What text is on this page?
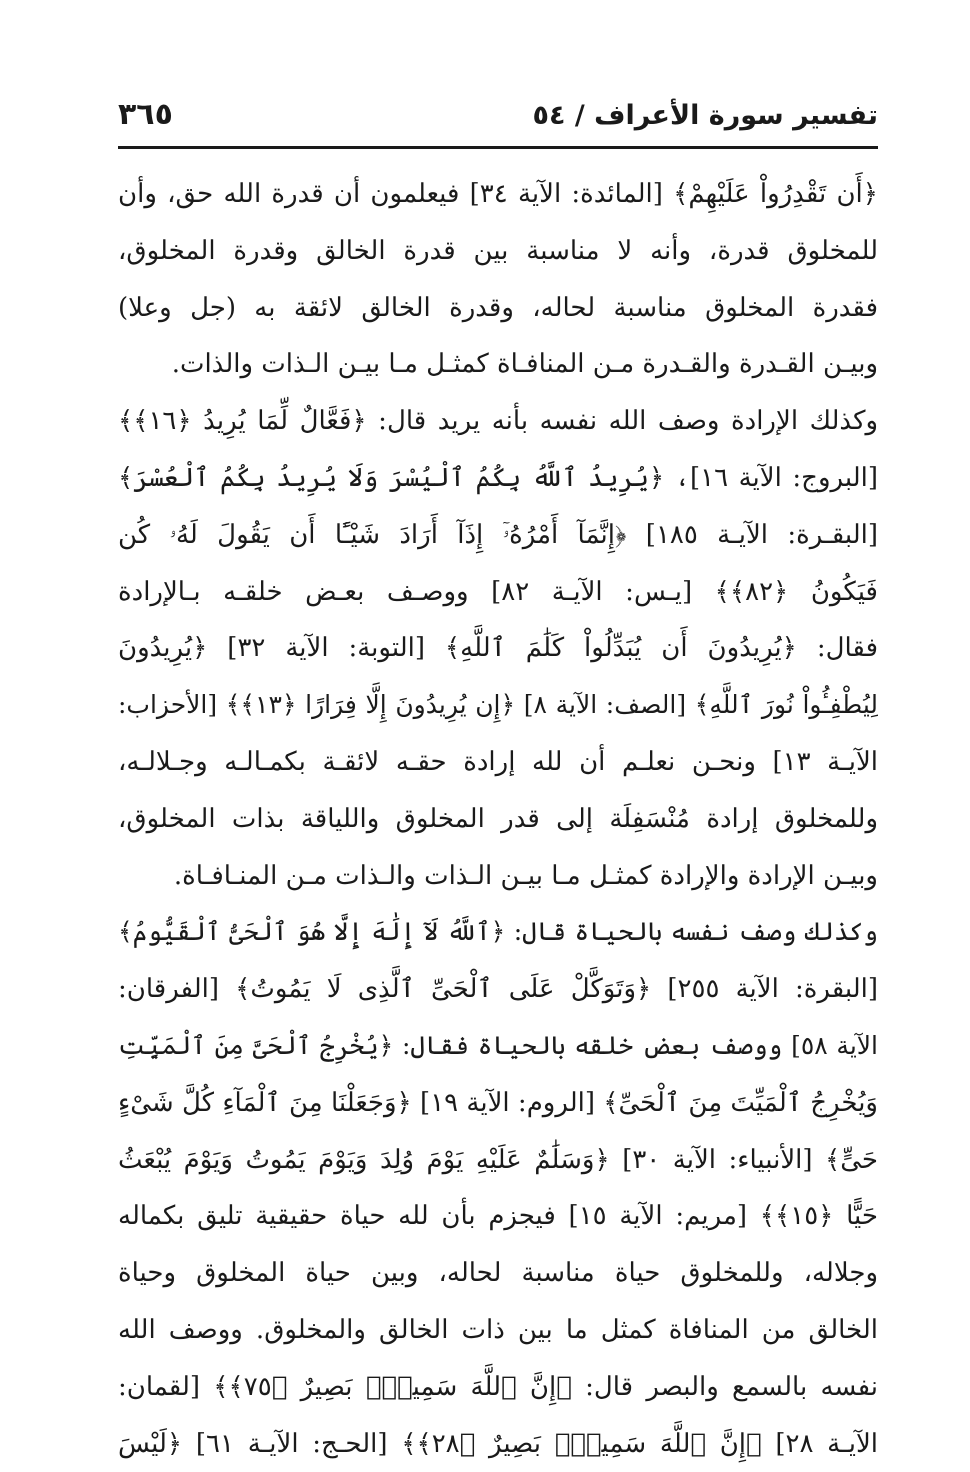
تفسير سورة الأعراف / ٥٤
٣٦٥
﴿أَن تَقْدِرُواْ عَلَيْهِمْ﴾ [المائدة: الآية ٣٤] فيعلمون أن قدرة الله حق، وأن
للمخلوق قدرة، وأنه لا مناسبة بين قدرة الخالق وقدرة المخلوق،
فقدرة المخلوق مناسبة لحاله، وقدرة الخالق لائقة به (جل وعلا)
وبيـن القـدرة والقـدرة مـن المنافـاة كمثـل مـا بيـن الـذات والذات.
وكذلك الإرادة وصف الله نفسه بأنه يريد قال: ﴿فَعَّالٌ لِّمَا يُرِيدُ ﴿١٦﴾﴾
[البروج: الآية ١٦]، ﴿يُرِيدُ ٱللَّهُ بِكُمُ ٱلْيُسْرَ وَلَا يُرِيدُ بِكُمُ ٱلْعُسْرَ﴾
[البقـرة: الآيـة ١٨٥] ﴿إِنَّمَآ أَمْرُهُۥٓ إِذَآ أَرَادَ شَيْـًٔا أَن يَقُولَ لَهُۥ كُن
فَيَكُونُ ﴿٨٢﴾﴾ [يـس: الآيـة ٨٢] ووصـف بعـض خلقـه بـالإرادة
فقال: ﴿يُرِيدُونَ أَن يُبَدِّلُواْ كَلَٰمَ ٱللَّهِ﴾ [التوبة: الآية ٣٢] ﴿يُرِيدُونَ
لِيُطْفِـُٔواْ نُورَ ٱللَّهِ﴾ [الصف: الآية ٨] ﴿إِن يُرِيدُونَ إِلَّا فِرَارًا ﴿١٣﴾﴾ [الأحزاب:
الآيـة ١٣] ونحـن نعلـم أن لله إرادة حقـه لائقـة بكمـالـه وجـلالـه،
وللمخلوق إرادة مُنْسَفِلَة إلى قدر المخلوق واللياقة بذات المخلوق،
وبيـن الإرادة والإرادة كمثـل مـا بيـن الـذات والـذات مـن المنـافـاة.
وكذلك وصف نفسه بالحياة قال: ﴿ٱللَّهُ لَآ إِلَٰهَ إِلَّا هُوَ ٱلْحَىُّ ٱلْقَيُّومُ﴾
[البقرة: الآية ٢٥٥] ﴿وَتَوَكَّلْ عَلَى ٱلْحَىِّ ٱلَّذِى لَا يَمُوتُ﴾ [الفرقان:
الآية ٥٨] ووصف بعض خلقه بالحياة فقال: ﴿يُخْرِجُ ٱلْحَىَّ مِنَ ٱلْمَيِّتِ
وَيُخْرِجُ ٱلْمَيِّتَ مِنَ ٱلْحَىِّ﴾ [الروم: الآية ١٩] ﴿وَجَعَلْنَا مِنَ ٱلْمَآءِ كُلَّ شَىْءٍ
حَىٍّ﴾ [الأنبياء: الآية ٣٠] ﴿وَسَلَٰمٌ عَلَيْهِ يَوْمَ وُلِدَ وَيَوْمَ يَمُوتُ وَيَوْمَ يُبْعَثُ
حَيًّا ﴿١٥﴾﴾ [مريم: الآية ١٥] فيجزم بأن لله حياة حقيقية تليق بكماله
وجلاله، وللمخلوق حياة مناسبة لحاله، وبين حياة المخلوق وحياة
الخالق من المنافاة كمثل ما بين ذات الخالق والمخلوق. ووصف الله
نفسه بالسمع والبصر قال: ﴿إِنَّ ٱللَّهَ سَمِيعٌۢ بَصِيرٌ ﴿٧٥﴾﴾ [لقمان:
الآيـة ٢٨] ﴿إِنَّ ٱللَّهَ سَمِيعٌۢ بَصِيرٌ ﴿٢٨﴾﴾ [الحـج: الآيـة ٦١] ﴿لَيْسَ
